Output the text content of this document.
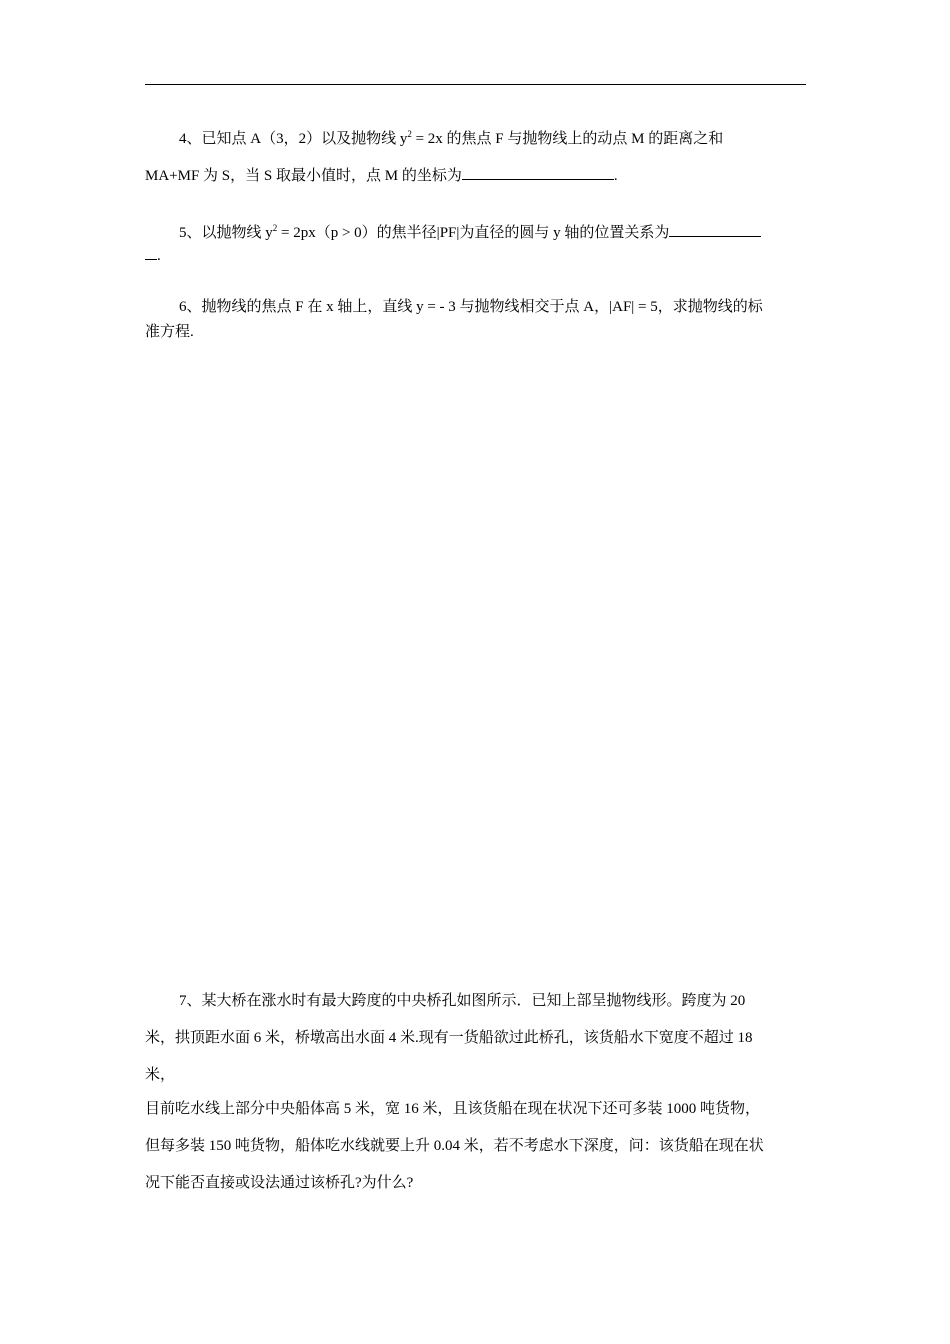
4、已知点 A（3，2）以及抛物线 $y^2 = 2x$ 的焦点 F 与抛物线上的动点 M 的距离之和
MA+MF 为 S，当 S 取最小值时，点 M 的坐标为	.
5、以抛物线 $y^2 = 2px(p > 0)$的焦半径|PF|为直径的圆与 y 轴的位置关系为
.
6、抛物线的焦点 F 在 x 轴上，直线 y = - 3 与抛物线相交于点 A，|AF| = 5，求抛物线的标
准方程.
7、某大桥在涨水时有最大跨度的中央桥孔如图所示．已知上部呈抛物线形。跨度为 20
米，拱顶距水面 6 米，桥墩高出水面 4 米.现有一货船欲过此桥孔，该货船水下宽度不超过 18
米，
目前吃水线上部分中央船体高 5 米，宽 16 米，且该货船在现在状况下还可多装 1000 吨货物，
但每多装 150 吨货物，船体吃水线就要上升 0.04 米，若不考虑水下深度，问：该货船在现在状
况下能否直接或设法通过该桥孔?为什么?
